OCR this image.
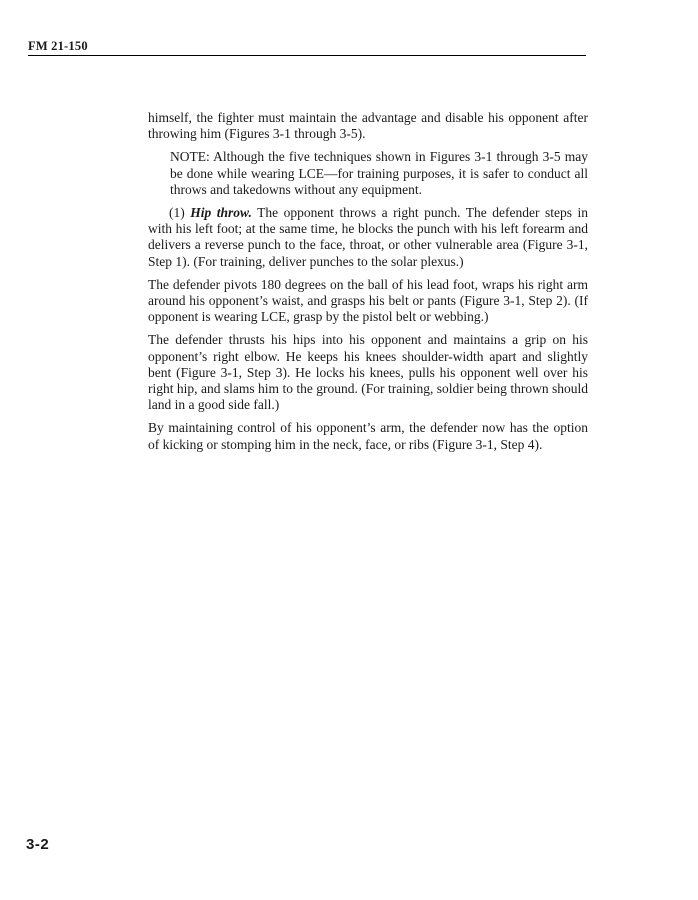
FM 21-150

himself, the fighter must maintain the advantage and disable his opponent after throwing him (Figures 3-1 through 3-5).

NOTE: Although the five techniques shown in Figures 3-1 through 3-5 may be done while wearing LCE—for training purposes, it is safer to conduct all throws and takedowns without any equipment.

(1) Hip throw. The opponent throws a right punch. The defender steps in with his left foot; at the same time, he blocks the punch with his left forearm and delivers a reverse punch to the face, throat, or other vulnerable area (Figure 3-1, Step 1). (For training, deliver punches to the solar plexus.)

The defender pivots 180 degrees on the ball of his lead foot, wraps his right arm around his opponent’s waist, and grasps his belt or pants (Figure 3-1, Step 2). (If opponent is wearing LCE, grasp by the pistol belt or webbing.)

The defender thrusts his hips into his opponent and maintains a grip on his opponent’s right elbow. He keeps his knees shoulder-width apart and slightly bent (Figure 3-1, Step 3). He locks his knees, pulls his opponent well over his right hip, and slams him to the ground. (For training, soldier being thrown should land in a good side fall.)

By maintaining control of his opponent’s arm, the defender now has the option of kicking or stomping him in the neck, face, or ribs (Figure 3-1, Step 4).

3-2
